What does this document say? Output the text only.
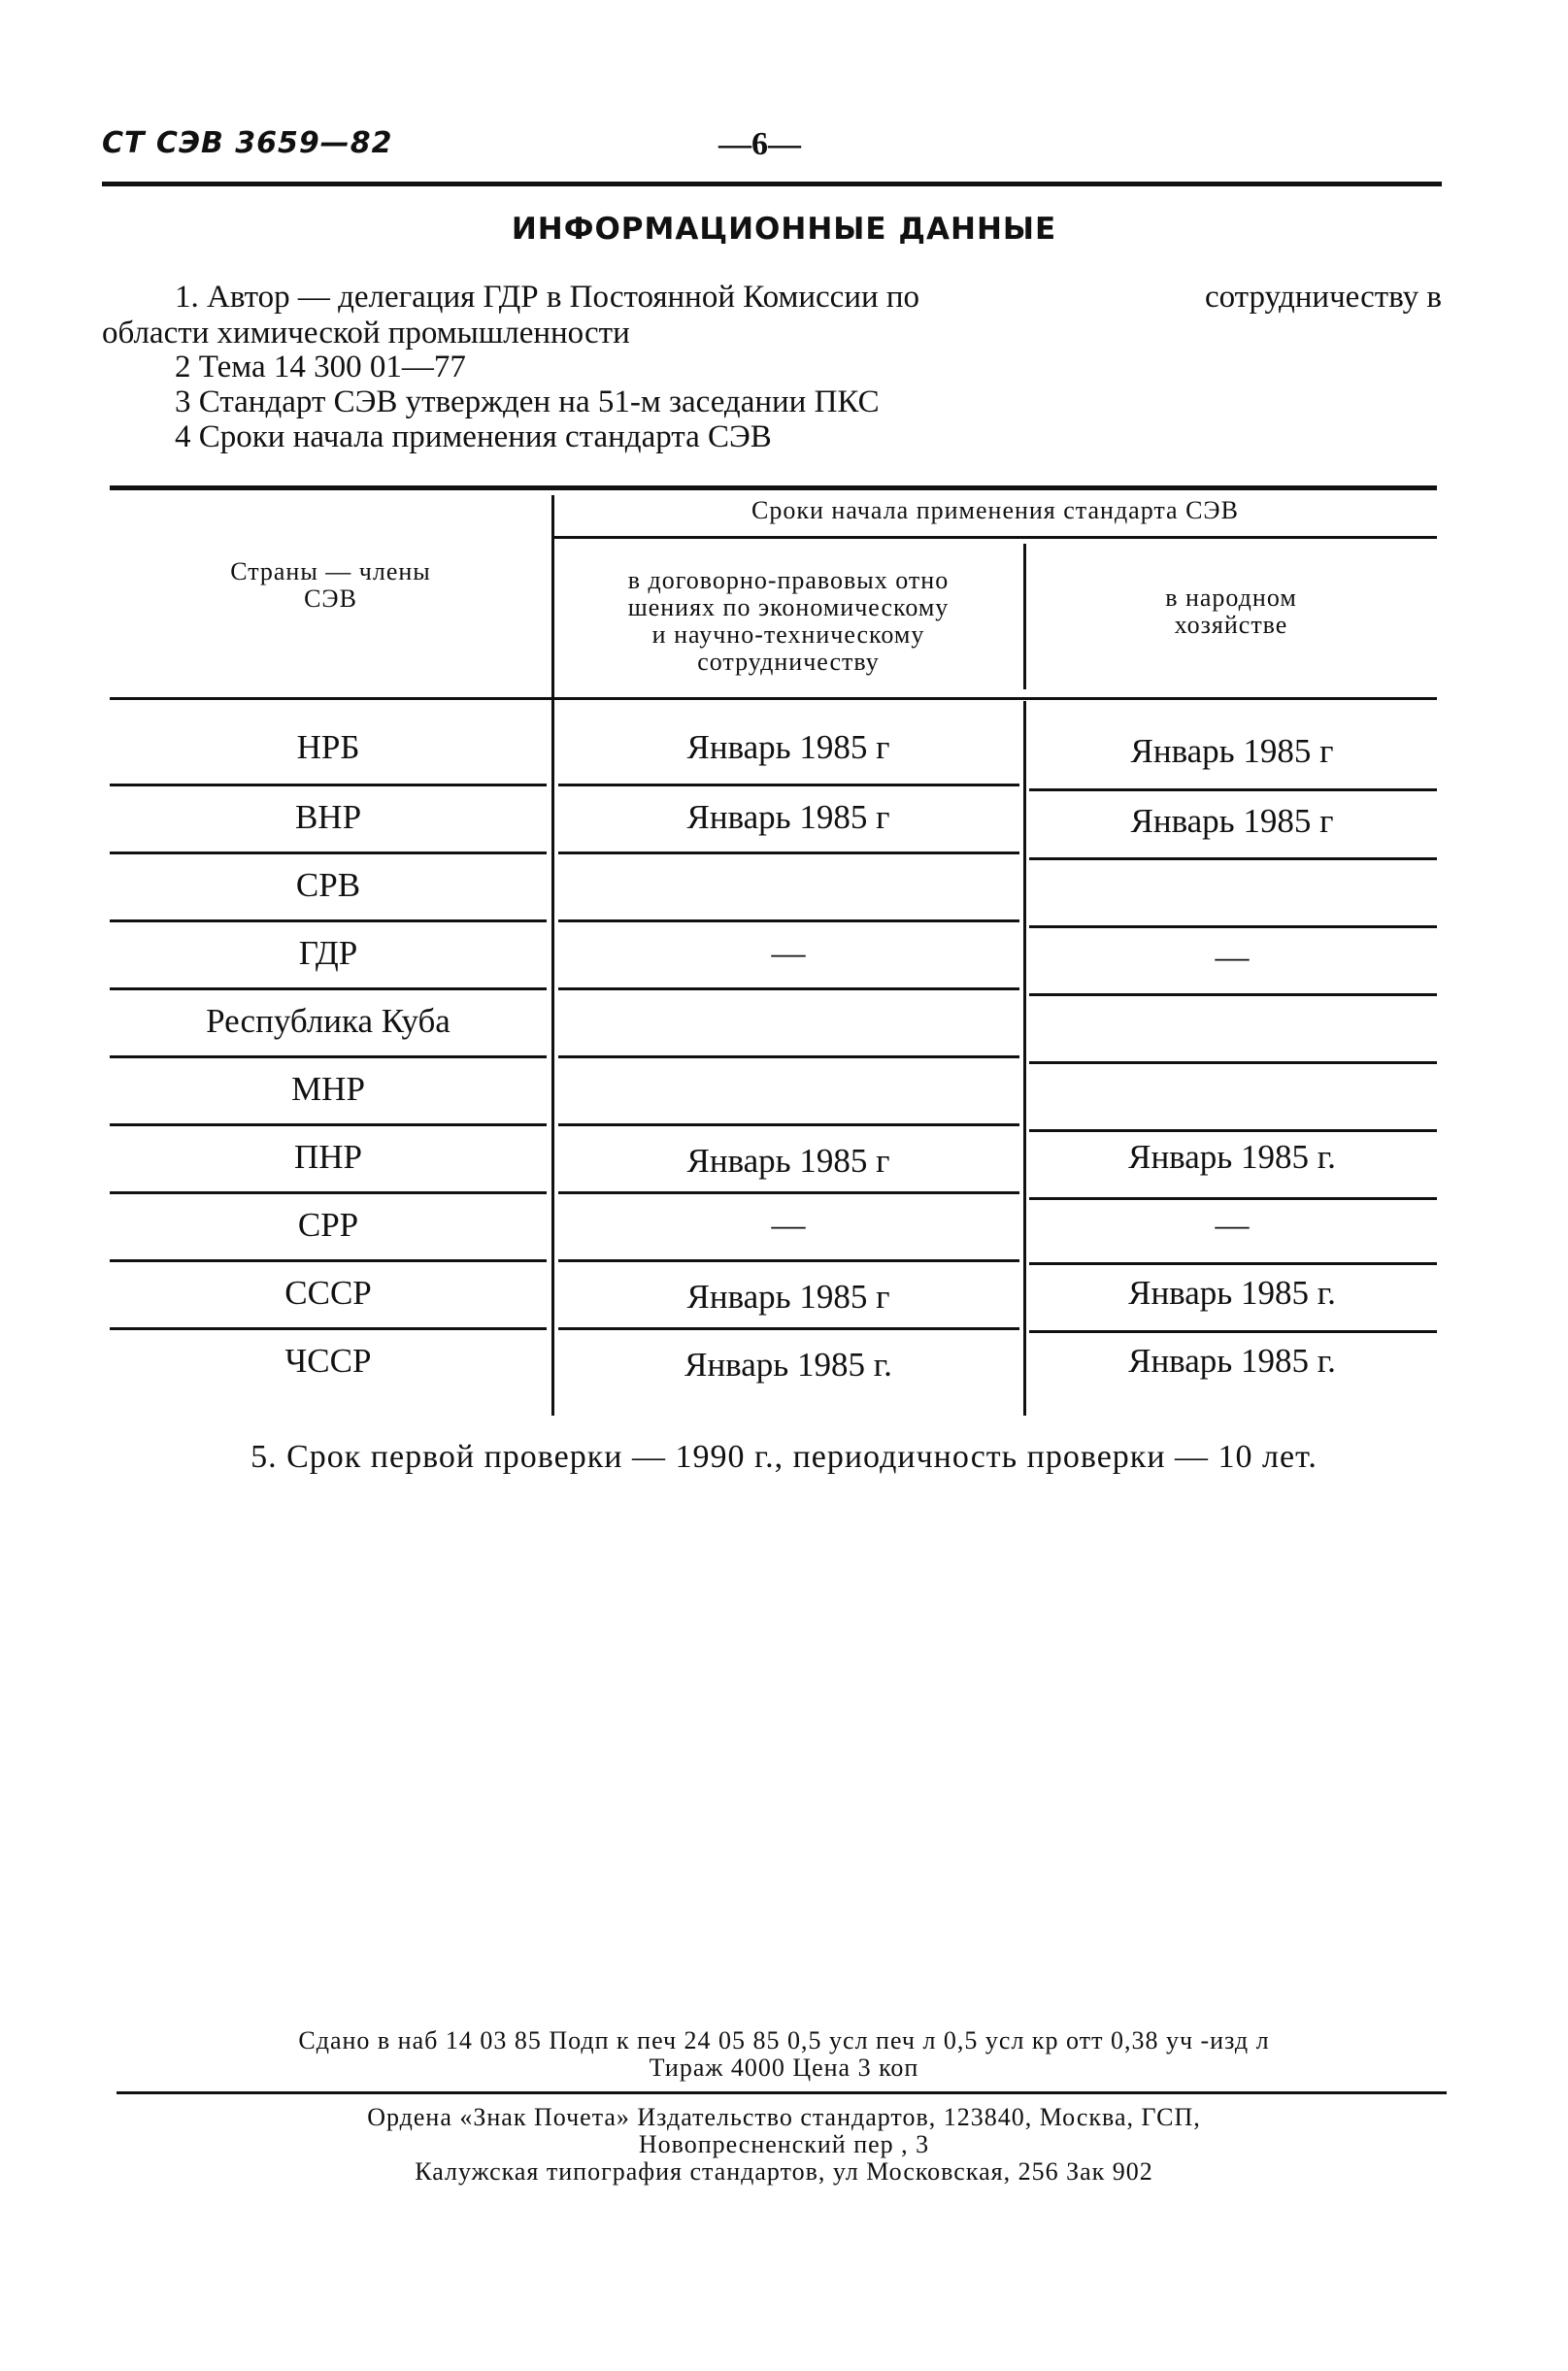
СТ СЭВ 3659—82	—6—
ИНФОРМАЦИОННЫЕ ДАННЫЕ
1. Автор — делегация ГДР в Постоянной Комиссии по	сотрудничеству в
области химической промышленности
2 Тема 14 300 01—77
3 Стандарт СЭВ утвержден на 51-м заседании ПКС
4 Сроки начала применения стандарта СЭВ
Страны — члены
СЭВ
Сроки начала применения стандарта СЭВ
в договорно-правовых отно
шениях по экономическому
и научно-техническому
сотрудничеству
в народном
хозяйстве
НРБ	Январь 1985 г	Январь 1985 г
ВНР	Январь 1985 г	Январь 1985 г
СРВ
ГДР	—	—
Республика Куба
МНР
ПНР	Январь 1985 г	Январь 1985 г.
СРР	—	—
СССР	Январь 1985 г	Январь 1985 г.
ЧССР	Январь 1985 г.	Январь 1985 г.
5. Срок первой проверки — 1990 г., периодичность проверки — 10 лет.
Сдано в наб 14 03 85 Подп к печ 24 05 85 0,5 усл печ л 0,5 усл кр отт 0,38 уч -изд л
Тираж 4000 Цена 3 коп
Ордена «Знак Почета» Издательство стандартов, 123840, Москва, ГСП,
Новопресненский пер , 3
Калужская типография стандартов, ул Московская, 256 Зак 902
